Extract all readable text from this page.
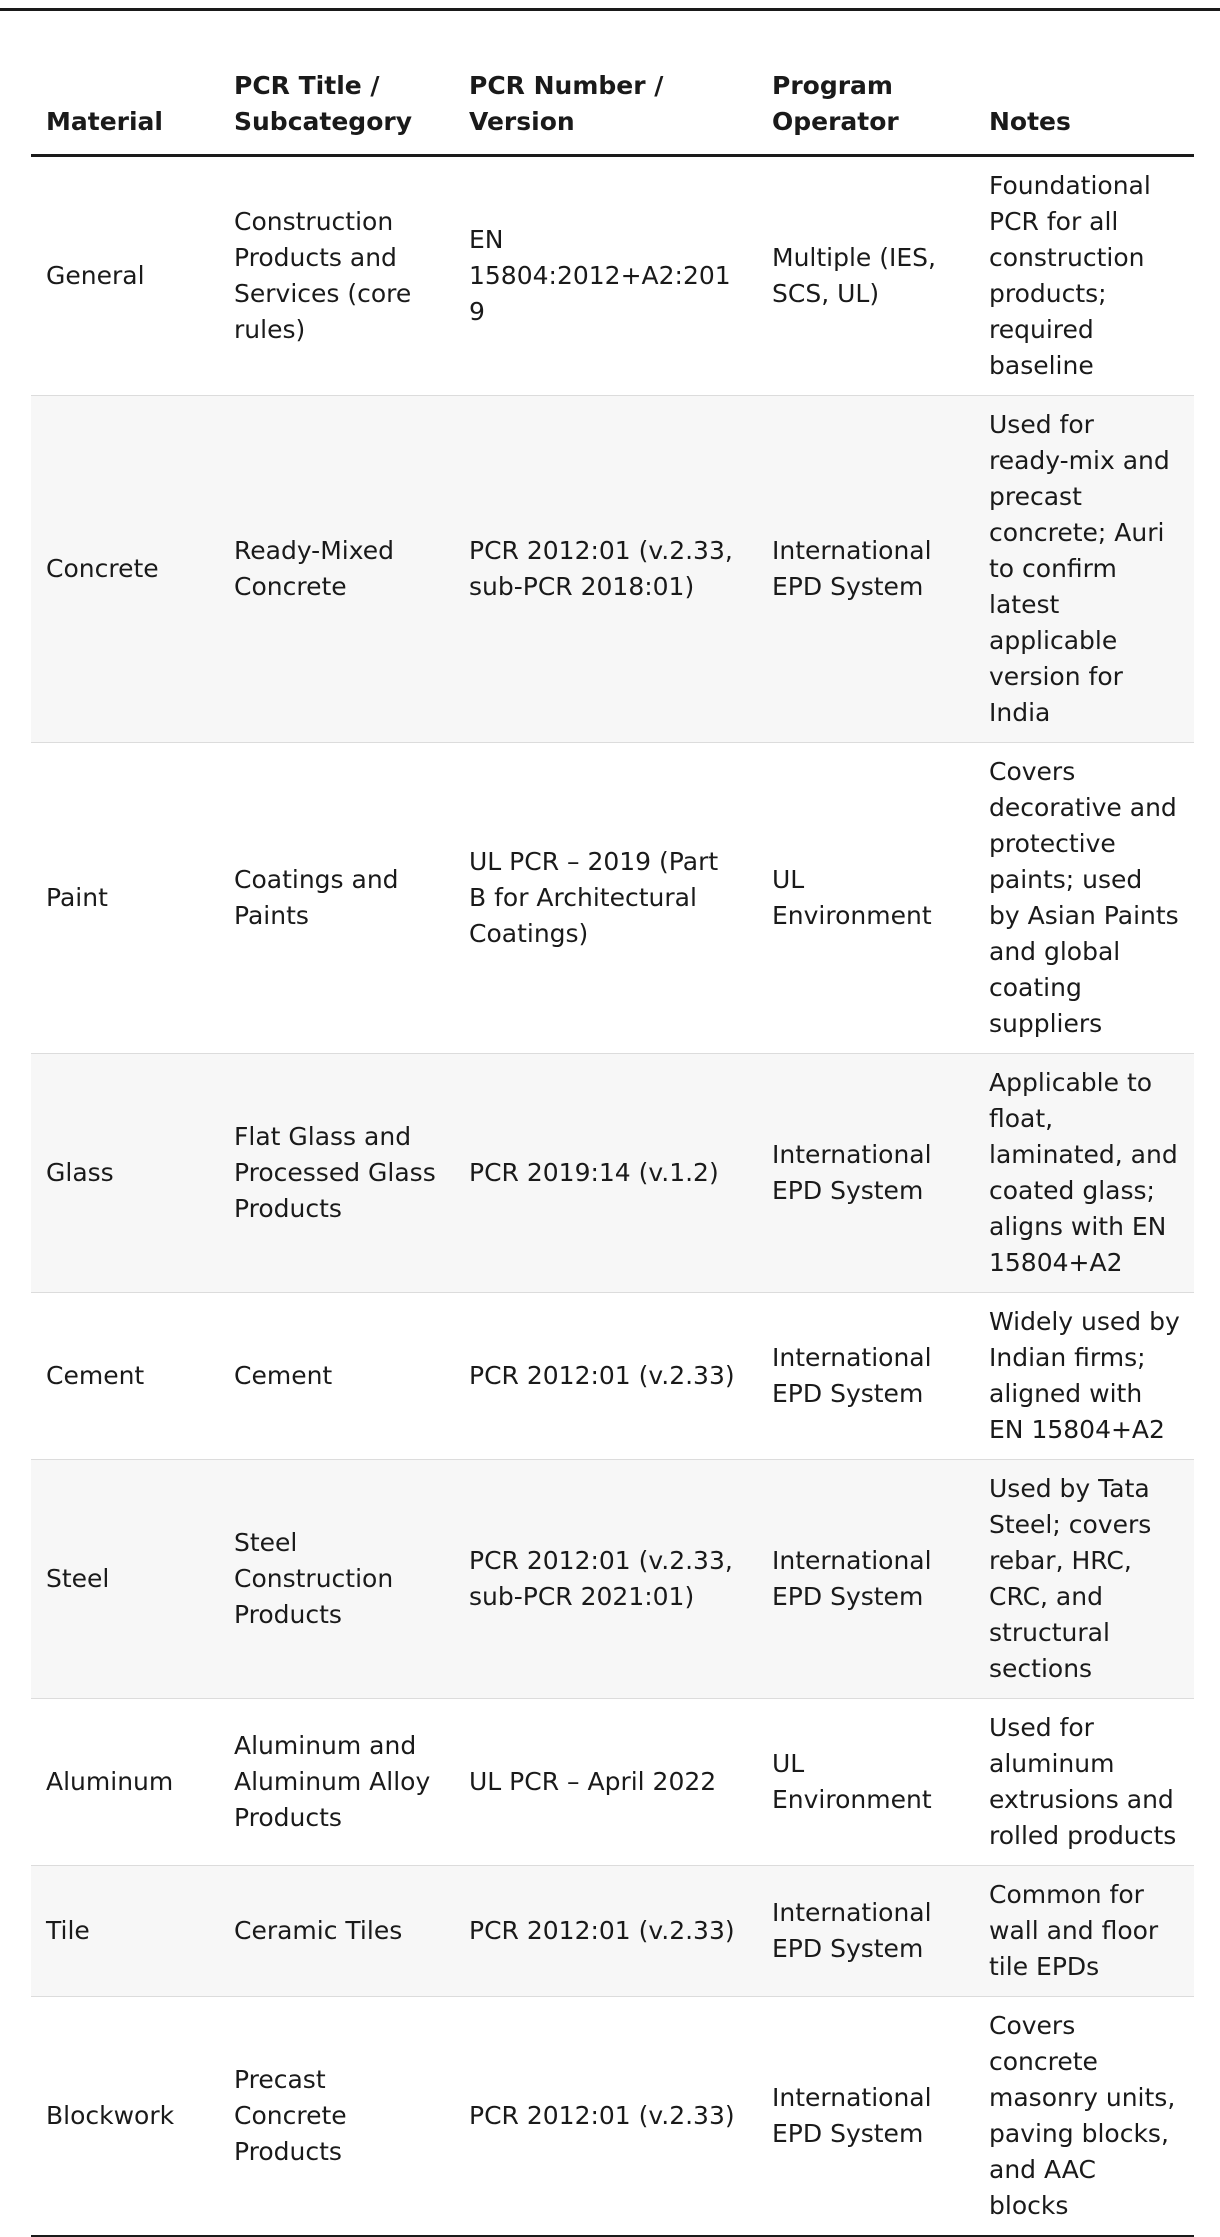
Material	PCR Title / Subcategory	PCR Number / Version	Program Operator	Notes
General	Construction Products and Services (core rules)	EN 15804:2012+A2:2019	Multiple (IES, SCS, UL)	Foundational PCR for all construction products; required baseline
Concrete	Ready-Mixed Concrete	PCR 2012:01 (v.2.33, sub-PCR 2018:01)	International EPD System	Used for ready-mix and precast concrete; Auri to confirm latest applicable version for India
Paint	Coatings and Paints	UL PCR – 2019 (Part B for Architectural Coatings)	UL Environment	Covers decorative and protective paints; used by Asian Paints and global coating suppliers
Glass	Flat Glass and Processed Glass Products	PCR 2019:14 (v.1.2)	International EPD System	Applicable to float, laminated, and coated glass; aligns with EN 15804+A2
Cement	Cement	PCR 2012:01 (v.2.33)	International EPD System	Widely used by Indian firms; aligned with EN 15804+A2
Steel	Steel Construction Products	PCR 2012:01 (v.2.33, sub-PCR 2021:01)	International EPD System	Used by Tata Steel; covers rebar, HRC, CRC, and structural sections
Aluminum	Aluminum and Aluminum Alloy Products	UL PCR – April 2022	UL Environment	Used for aluminum extrusions and rolled products
Tile	Ceramic Tiles	PCR 2012:01 (v.2.33)	International EPD System	Common for wall and floor tile EPDs
Blockwork	Precast Concrete Products	PCR 2012:01 (v.2.33)	International EPD System	Covers concrete masonry units, paving blocks, and AAC blocks
